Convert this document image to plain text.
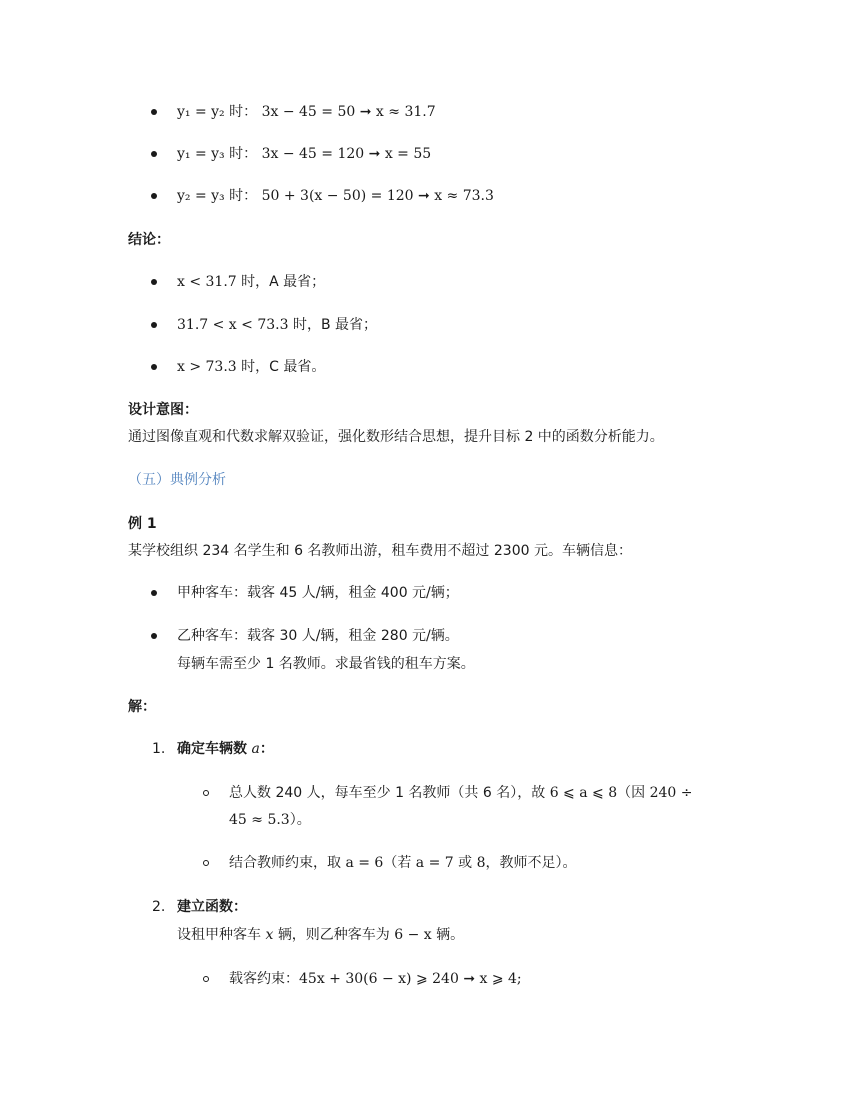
y₁ = y₂ 时： 3x − 45 = 50 ➞ x ≈ 31.7
y₁ = y₃ 时： 3x − 45 = 120 ➞ x = 55
y₂ = y₃ 时： 50 + 3(x − 50) = 120 ➞ x ≈ 73.3
结论：
x < 31.7 时，A 最省；
31.7 < x < 73.3 时，B 最省；
x > 73.3 时，C 最省。
设计意图：
通过图像直观和代数求解双验证，强化数形结合思想，提升目标 2 中的函数分析能力。
（五）典例分析
例 1
某学校组织 234 名学生和 6 名教师出游，租车费用不超过 2300 元。车辆信息：
甲种客车：载客 45 人/辆，租金 400 元/辆；
乙种客车：载客 30 人/辆，租金 280 元/辆。
每辆车需至少 1 名教师。求最省钱的租车方案。
解：
1. 确定车辆数 a：
总人数 240 人，每车至少 1 名教师（共 6 名），故 6 ⩽ a ⩽ 8（因 240 ÷
45 ≈ 5.3）。
结合教师约束，取 a = 6（若 a = 7 或 8，教师不足）。
2. 建立函数：
设租甲种客车 x 辆，则乙种客车为 6 − x 辆。
载客约束：45x + 30(6 − x) ⩾ 240 ➞ x ⩾ 4;
